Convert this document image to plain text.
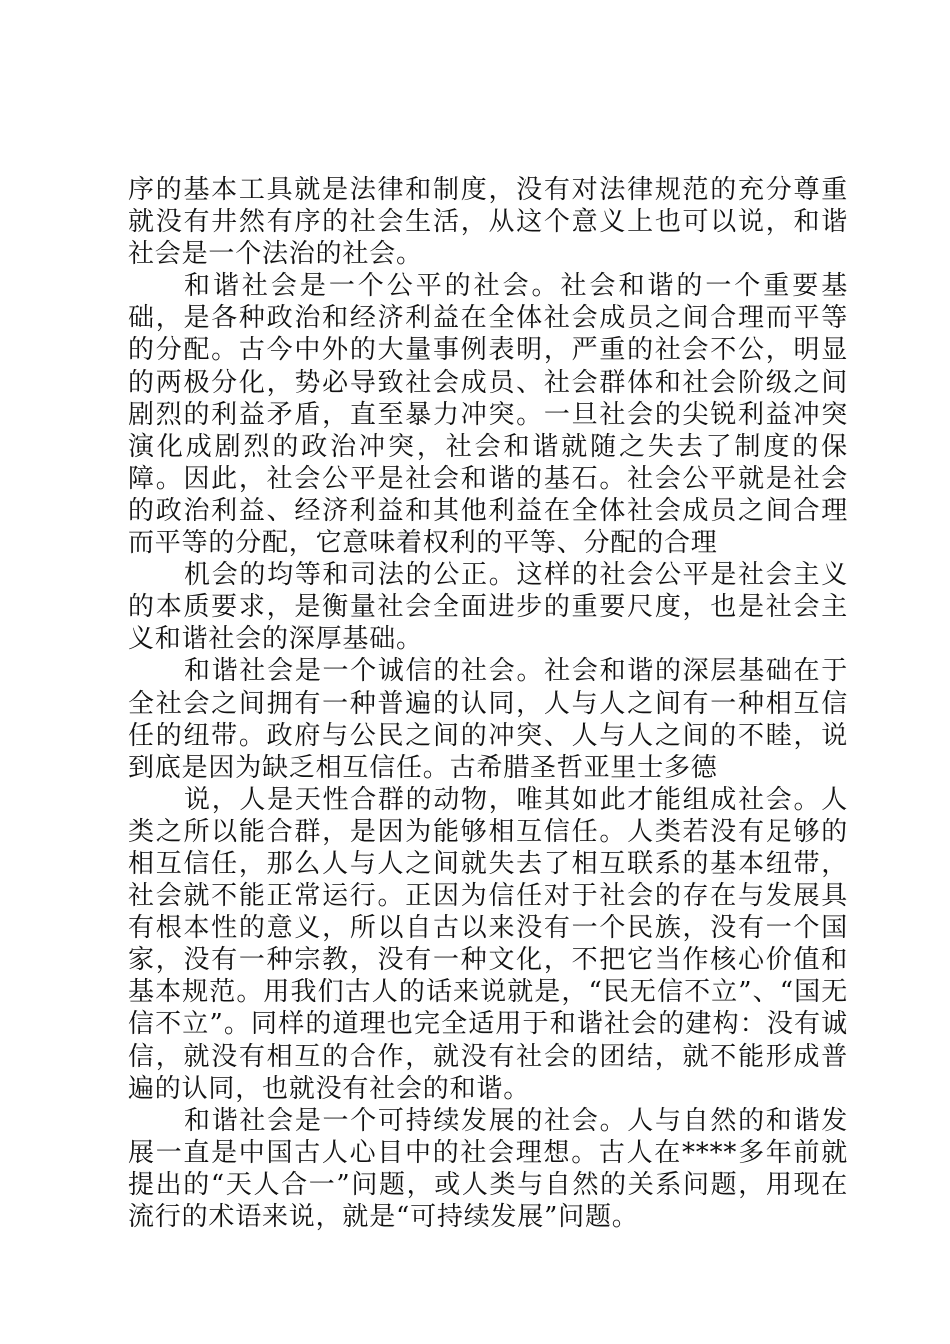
序的基本工具就是法律和制度，没有对法律规范的充分尊重就没有井然有序的社会生活，从这个意义上也可以说，和谐社会是一个法治的社会。

和谐社会是一个公平的社会。社会和谐的一个重要基础，是各种政治和经济利益在全体社会成员之间合理而平等的分配。古今中外的大量事例表明，严重的社会不公，明显的两极分化，势必导致社会成员、社会群体和社会阶级之间剧烈的利益矛盾，直至暴力冲突。一旦社会的尖锐利益冲突演化成剧烈的政治冲突，社会和谐就随之失去了制度的保障。因此，社会公平是社会和谐的基石。社会公平就是社会的政治利益、经济利益和其他利益在全体社会成员之间合理而平等的分配，它意味着权利的平等、分配的合理

机会的均等和司法的公正。这样的社会公平是社会主义的本质要求，是衡量社会全面进步的重要尺度，也是社会主义和谐社会的深厚基础。

和谐社会是一个诚信的社会。社会和谐的深层基础在于全社会之间拥有一种普遍的认同，人与人之间有一种相互信任的纽带。政府与公民之间的冲突、人与人之间的不睦，说到底是因为缺乏相互信任。古希腊圣哲亚里士多德

说，人是天性合群的动物，唯其如此才能组成社会。人类之所以能合群，是因为能够相互信任。人类若没有足够的相互信任，那么人与人之间就失去了相互联系的基本纽带，社会就不能正常运行。正因为信任对于社会的存在与发展具有根本性的意义，所以自古以来没有一个民族，没有一个国家，没有一种宗教，没有一种文化，不把它当作核心价值和基本规范。用我们古人的话来说就是，“民无信不立”、“国无信不立”。同样的道理也完全适用于和谐社会的建构：没有诚信，就没有相互的合作，就没有社会的团结，就不能形成普遍的认同，也就没有社会的和谐。

和谐社会是一个可持续发展的社会。人与自然的和谐发展一直是中国古人心目中的社会理想。古人在****多年前就提出的“天人合一”问题，或人类与自然的关系问题，用现在流行的术语来说，就是“可持续发展”问题。
